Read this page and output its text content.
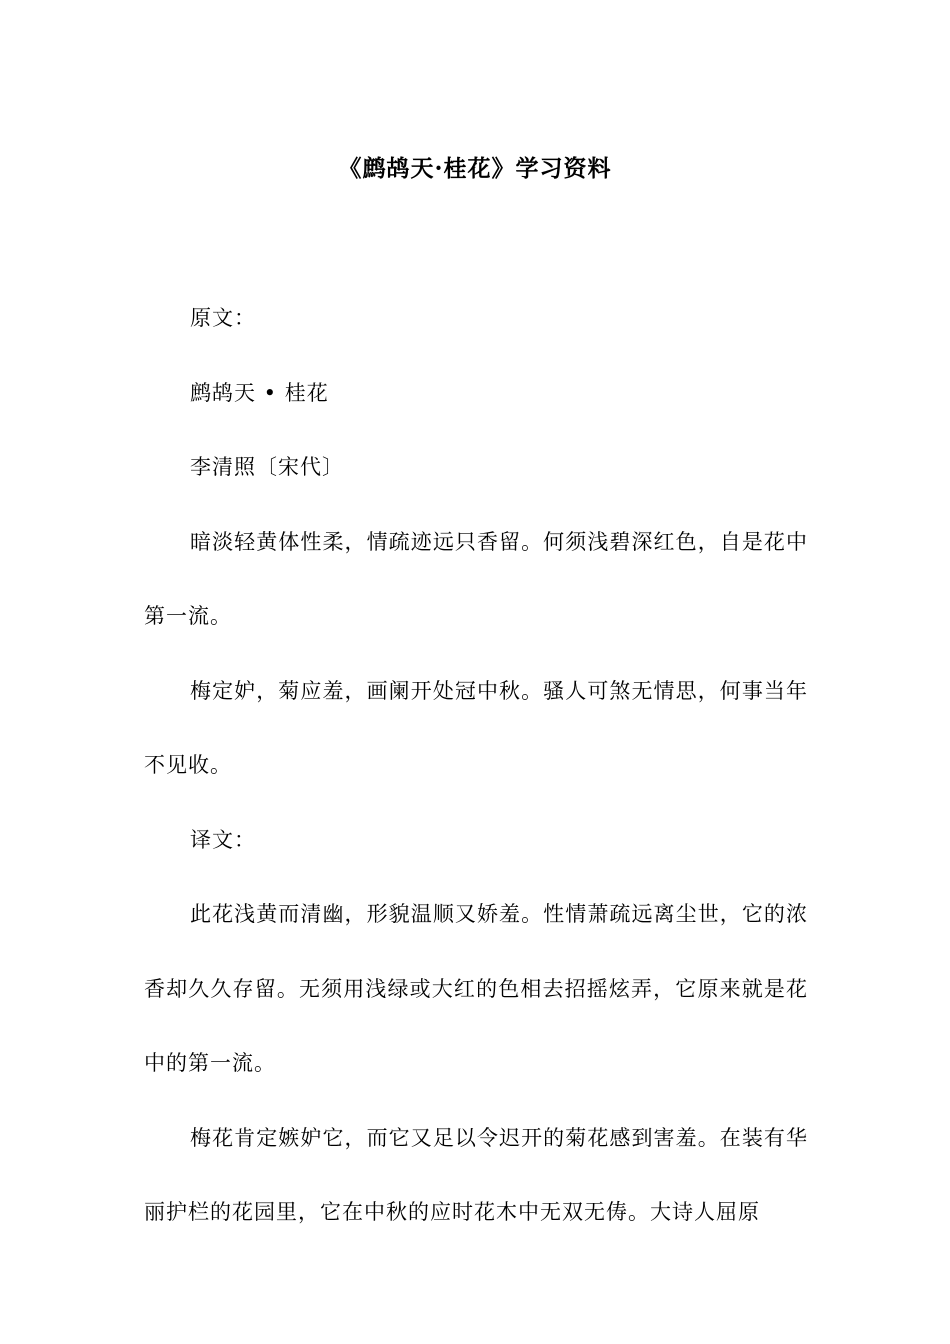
《鹧鸪天·桂花》学习资料

原文：

鹧鸪天 • 桂花

李清照〔宋代〕

暗淡轻黄体性柔，情疏迹远只香留。何须浅碧深红色，自是花中第一流。

梅定妒，菊应羞，画阑开处冠中秋。骚人可煞无情思，何事当年不见收。

译文：

此花浅黄而清幽，形貌温顺又娇羞。性情萧疏远离尘世，它的浓香却久久存留。无须用浅绿或大红的色相去招摇炫弄，它原来就是花中的第一流。

梅花肯定嫉妒它，而它又足以令迟开的菊花感到害羞。在装有华丽护栏的花园里，它在中秋的应时花木中无双无俦。大诗人屈原
